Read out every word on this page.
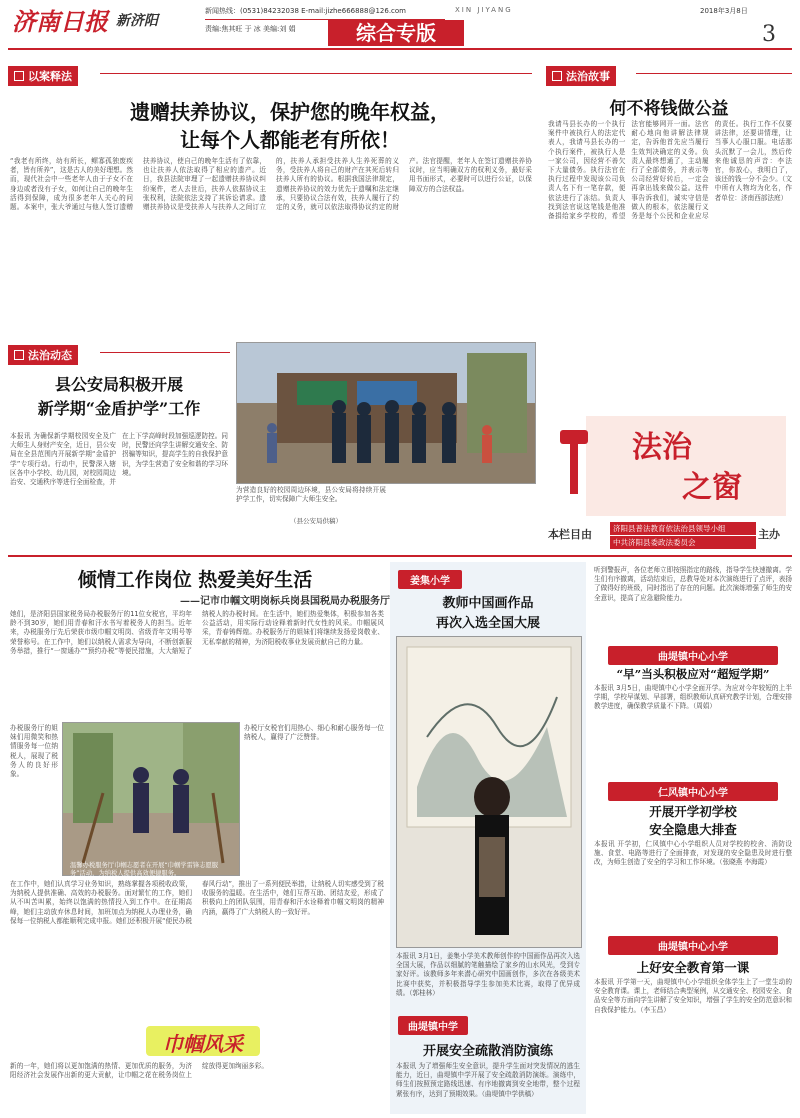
济南日报 新济阳
新闻热线：(0531)84232038 E-mail:jizhe666888@126.com
责编:焦其旺 于 冰 美编:刘 娟
XIN JIYANG	2018年3月8日
综合专版	3
以案释法
遗赠扶养协议，保护您的晚年权益，
让每个人都能老有所依！
“我老有所终，幼有所长，鳏寡孤独废疾者，皆有所养”，这是古人的美好理想。然而，现代社会中一些老年人由于子女不在身边或者没有子女，如何让自己的晚年生活得到保障，成为很多老年人关心的问题。本案中，张大爷通过与他人签订遗赠扶养协议，使自己的晚年生活有了依靠，也让扶养人依法取得了相应的遗产。近日，我县法院审理了一起遗赠扶养协议纠纷案件，老人去世后，扶养人依据协议主张权利，法院依法支持了其诉讼请求。遗赠扶养协议是受扶养人与扶养人之间订立的，扶养人承担受扶养人生养死葬的义务，受扶养人将自己的财产在其死后转归扶养人所有的协议。根据我国法律规定，遗赠扶养协议的效力优先于遗嘱和法定继承，只要协议合法有效，扶养人履行了约定的义务，就可以依法取得协议约定的财产。法官提醒，老年人在签订遗赠扶养协议时，应当明确双方的权利义务，最好采用书面形式，必要时可以进行公证，以保障双方的合法权益。
法治故事
何不将钱做公益
我请马县长办的一个执行案件中被执行人的法定代表人，我请马县长办的一个执行案件，被执行人是一家公司，因经营不善欠下大量债务。执行法官在执行过程中发现该公司负责人名下有一笔存款，便依法进行了冻结。负责人找到法官说这笔钱是他准备捐给家乡学校的，希望法官能够网开一面。法官耐心地向他讲解法律规定，告诉他首先应当履行生效判决确定的义务。负责人最终想通了，主动履行了全部债务，并表示等公司经营好转后，一定会再拿出钱来做公益。这件事告诉我们，诚实守信是做人的根本，依法履行义务是每个公民和企业应尽的责任。执行工作不仅要讲法律，还要讲情理，让当事人心服口服。电话那头沉默了一会儿，然后传来他诚恳的声音：李法官，你放心，我明白了，该还的钱一分不会少。（文中所有人物均为化名，作者单位：济南西部法庭）
法治动态
县公安局积极开展
新学期“金盾护学”工作
本报讯 为确保新学期校园安全及广大师生人身财产安全，近日，县公安局在全县范围内开展新学期“金盾护学”专项行动。行动中，民警深入辖区各中小学校、幼儿园，对校园周边治安、交通秩序等进行全面检查，并在上下学高峰时段加强巡逻防控。同时，民警还向学生讲解交通安全、防拐骗等知识，提高学生的自我保护意识，为学生营造了安全和谐的学习环境。
为营造良好的校园周边环境，县公安局将持续开展护学工作，切实保障广大师生安全。
（县公安局供稿）
法治
之窗
本栏目由	济阳县普法教育依法治县领导小组
中共济阳县委政法委员会
主办
倾情工作岗位 热爱美好生活
——记市巾帼文明岗标兵岗县国税局办税服务厅
她们，是济阳县国家税务局办税服务厅的11位女税官，平均年龄不到30岁，她们用青春和汗水书写着税务人的担当。近年来，办税服务厅先后荣获市级巾帼文明岗、省级青年文明号等荣誉称号。在工作中，她们以纳税人需求为导向，不断创新服务举措，推行“一窗通办”“预约办税”等便民措施，大大缩短了纳税人的办税时间。在生活中，她们热爱集体，积极参加各类公益活动，用实际行动诠释着新时代女性的风采。巾帼展风采，青春铸辉煌。办税服务厅的姐妹们将继续发扬爱岗敬业、无私奉献的精神，为济阳税收事业发展贡献自己的力量。
办税服务厅的姐妹们用微笑和热情服务每一位纳税人，展现了税务人的良好形象。
温馨办税服务厅巾帼志愿者在开展“巾帼学雷锋志愿服务”活动，为纳税人提供高效便捷服务。
办税厅女税官们用热心、细心和耐心服务每一位纳税人，赢得了广泛赞誉。
在工作中，她们认真学习业务知识，熟练掌握各项税收政策，为纳税人提供准确、高效的办税服务。面对繁忙的工作，她们从不叫苦叫累，始终以饱满的热情投入到工作中。在征期高峰，她们主动放弃休息时间，加班加点为纳税人办理业务，确保每一位纳税人都能顺利完成申报。她们还积极开展“便民办税春风行动”，推出了一系列便民举措，让纳税人切实感受到了税收服务的温暖。在生活中，她们互帮互助、团结友爱，形成了积极向上的团队氛围，用青春和汗水诠释着巾帼文明岗的精神内涵，赢得了广大纳税人的一致好评。
巾帼风采
新的一年，她们将以更加饱满的热情、更加优质的服务，为济阳经济社会发展作出新的更大贡献，让巾帼之花在税务岗位上绽放得更加绚丽多彩。
姜集小学
教师中国画作品
再次入选全国大展
本报讯 3月1日，姜集小学美术教师创作的中国画作品再次入选全国大展，作品以细腻的笔触描绘了家乡的山水风光，受到专家好评。该教师多年来潜心研究中国画创作，多次在各级美术比赛中获奖，并积极指导学生参加美术比赛，取得了优异成绩。（郭桂林）
曲堤镇中学
开展安全疏散消防演练
本报讯 为了增强师生安全意识，提升学生面对突发情况的逃生能力，近日，曲堤镇中学开展了安全疏散消防演练。演练中，师生们按照预定路线迅速、有序地撤离到安全地带，整个过程紧张有序，达到了预期效果。（曲堤镇中学供稿）
听到警报声，各位老师立即按照指定的路线，指导学生快速撤离。学生们有序撤离，活动结束后，总教导处对本次演练进行了点评，表扬了做得好的班级，同时指出了存在的问题。此次演练增强了师生的安全意识，提高了应急避险能力。
曲堤镇中心小学
“早”当头积极应对“超短学期”
本报讯 3月5日，曲堤镇中心小学全面开学。为应对今年较短的上半学期，学校早谋划、早部署，组织教师认真研究教学计划，合理安排教学进度，确保教学质量不下降。（周娟）
仁风镇中心小学
开展开学初学校
安全隐患大排查
本报讯 开学初，仁风镇中心小学组织人员对学校的校舍、消防设施、食堂、电路等进行了全面排查，对发现的安全隐患及时进行整改，为师生创造了安全的学习和工作环境。（张晓燕 李海霞）
曲堤镇中心小学
上好安全教育第一课
本报讯 开学第一天，曲堤镇中心小学组织全体学生上了一堂生动的安全教育课。课上，老师结合典型案例，从交通安全、校园安全、食品安全等方面向学生讲解了安全知识，增强了学生的安全防范意识和自我保护能力。（李玉昌）
